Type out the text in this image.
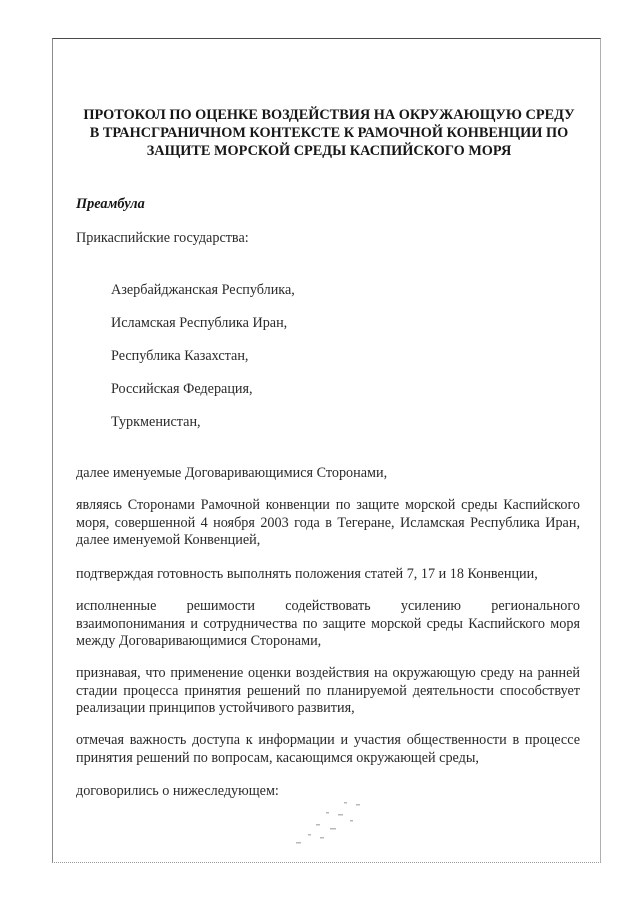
ПРОТОКОЛ ПО ОЦЕНКЕ ВОЗДЕЙСТВИЯ НА ОКРУЖАЮЩУЮ СРЕДУ
В ТРАНСГРАНИЧНОМ КОНТЕКСТЕ К РАМОЧНОЙ КОНВЕНЦИИ ПО
ЗАЩИТЕ МОРСКОЙ СРЕДЫ КАСПИЙСКОГО МОРЯ
Преамбула
Прикаспийские государства:
Азербайджанская Республика,
Исламская Республика Иран,
Республика Казахстан,
Российская Федерация,
Туркменистан,
далее именуемые Договаривающимися Сторонами,
являясь Сторонами Рамочной конвенции по защите морской среды Каспийского
моря, совершенной 4 ноября 2003 года в Тегеране, Исламская Республика Иран,
далее именуемой Конвенцией,
подтверждая готовность выполнять положения статей 7, 17 и 18 Конвенции,
исполненные решимости содействовать усилению регионального
взаимопонимания и сотрудничества по защите морской среды Каспийского моря
между Договаривающимися Сторонами,
признавая, что применение оценки воздействия на окружающую среду на ранней
стадии процесса принятия решений по планируемой деятельности способствует
реализации принципов устойчивого развития,
отмечая важность доступа к информации и участия общественности в процессе
принятия решений по вопросам, касающимся окружающей среды,
договорились о нижеследующем:
